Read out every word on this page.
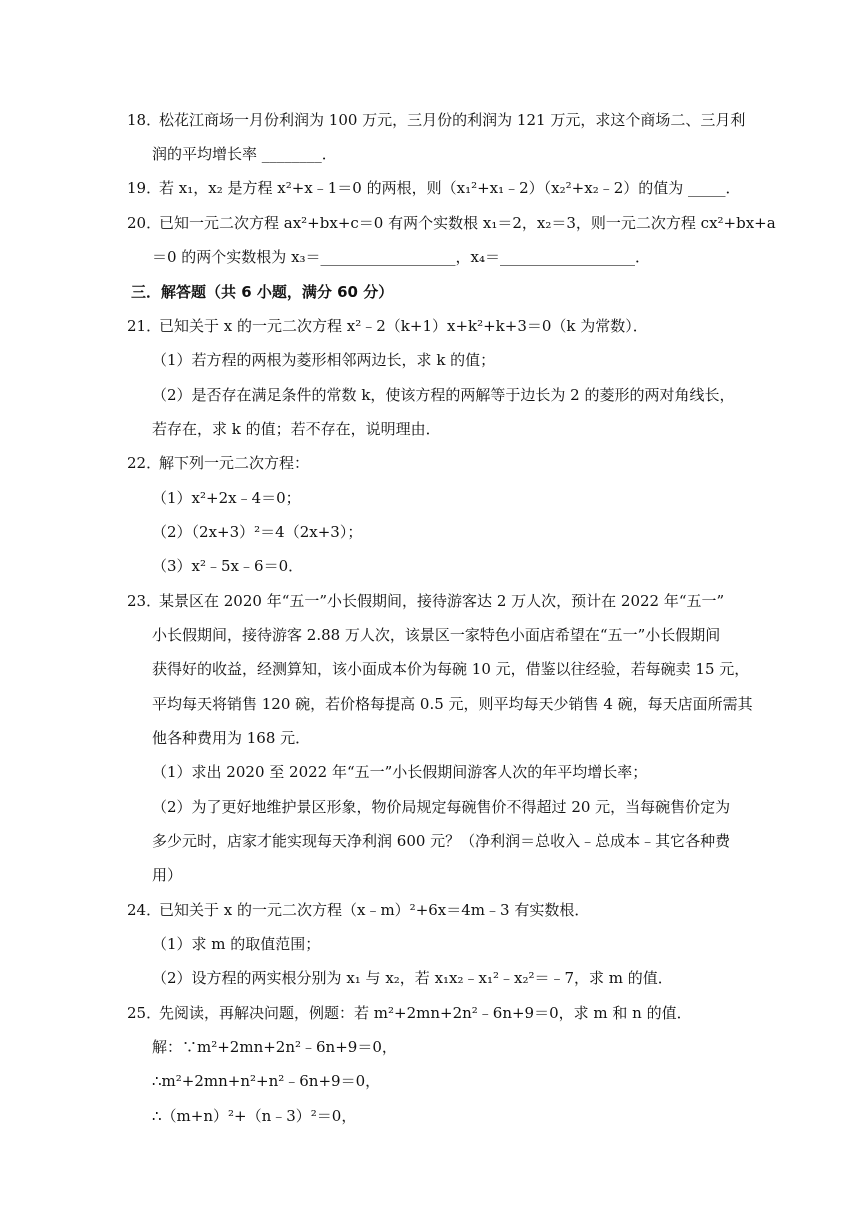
18．
松花江商场一月份利润为 100 万元，三月份的利润为 121 万元，求这个商场二、三月利
润的平均增长率 ________．
19．
若 x₁，x₂ 是方程 x²+x﹣1＝0 的两根，则（x₁²+x₁﹣2）（x₂²+x₂﹣2）的值为 _____．
20．
已知一元二次方程 ax²+bx+c＝0 有两个实数根 x₁＝2，x₂＝3，则一元二次方程 cx²+bx+a
＝0 的两个实数根为 x₃＝__________________，x₄＝__________________．
三．解答题（共 6 小题，满分 60 分）
21．
已知关于 x 的一元二次方程 x²﹣2（k+1）x+k²+k+3＝0（k 为常数）．
（1）若方程的两根为菱形相邻两边长，求 k 的值；
（2）是否存在满足条件的常数 k，使该方程的两解等于边长为 2 的菱形的两对角线长，
若存在，求 k 的值；若不存在，说明理由．
22．
解下列一元二次方程：
（1）x²+2x﹣4＝0；
（2）（2x+3）²＝4（2x+3）；
（3）x²﹣5x﹣6＝0．
23．
某景区在 2020 年“五一”小长假期间，接待游客达 2 万人次，预计在 2022 年“五一”
小长假期间，接待游客 2.88 万人次，该景区一家特色小面店希望在“五一”小长假期间
获得好的收益，经测算知，该小面成本价为每碗 10 元，借鉴以往经验，若每碗卖 15 元，
平均每天将销售 120 碗，若价格每提高 0.5 元，则平均每天少销售 4 碗，每天店面所需其
他各种费用为 168 元．
（1）求出 2020 至 2022 年“五一”小长假期间游客人次的年平均增长率；
（2）为了更好地维护景区形象，物价局规定每碗售价不得超过 20 元，当每碗售价定为
多少元时，店家才能实现每天净利润 600 元？（净利润＝总收入﹣总成本﹣其它各种费
用）
24．
已知关于 x 的一元二次方程（x﹣m）²+6x＝4m﹣3 有实数根．
（1）求 m 的取值范围；
（2）设方程的两实根分别为 x₁ 与 x₂，若 x₁x₂﹣x₁²﹣x₂²＝﹣7，求 m 的值．
25．
先阅读，再解决问题，例题：若 m²+2mn+2n²﹣6n+9＝0，求 m 和 n 的值．
解：∵m²+2mn+2n²﹣6n+9＝0，
∴m²+2mn+n²+n²﹣6n+9＝0，
∴（m+n）²+（n﹣3）²＝0，
